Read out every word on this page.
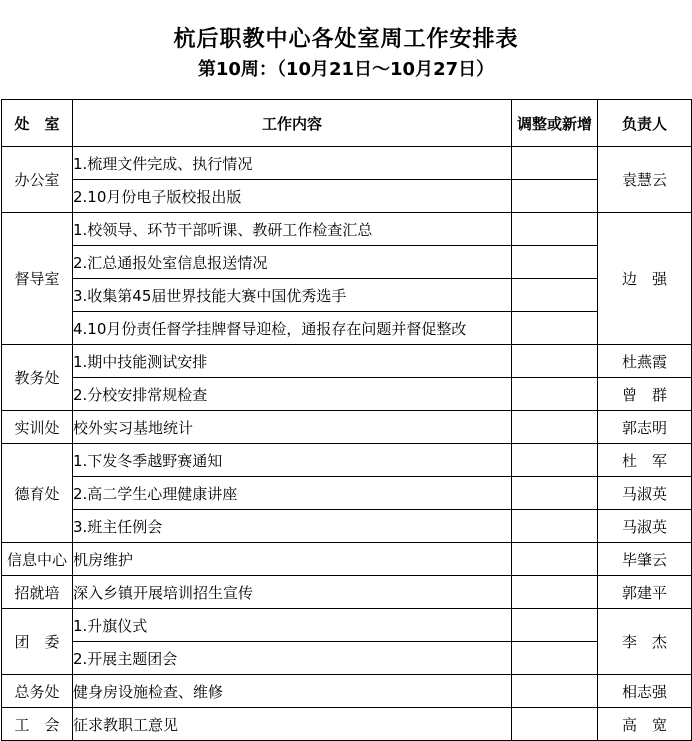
杭后职教中心各处室周工作安排表
第10周：（10月21日～10月27日）
处　室	工作内容	调整或新增	负责人
办公室	1.梳理文件完成、执行情况		袁慧云
	2.10月份电子版校报出版		
督导室	1.校领导、环节干部听课、教研工作检查汇总		边　强
	2.汇总通报处室信息报送情况		
	3.收集第45届世界技能大赛中国优秀选手		
	4.10月份责任督学挂牌督导迎检，通报存在问题并督促整改		
教务处	1.期中技能测试安排		杜燕霞
	2.分校安排常规检查		曾　群
实训处	校外实习基地统计		郭志明
德育处	1.下发冬季越野赛通知		杜　军
	2.高二学生心理健康讲座		马淑英
	3.班主任例会		马淑英
信息中心	机房维护		毕肇云
招就培	深入乡镇开展培训招生宣传		郭建平
团　委	1.升旗仪式		李　杰
	2.开展主题团会		
总务处	健身房设施检查、维修		相志强
工　会	征求教职工意见		高　宽
